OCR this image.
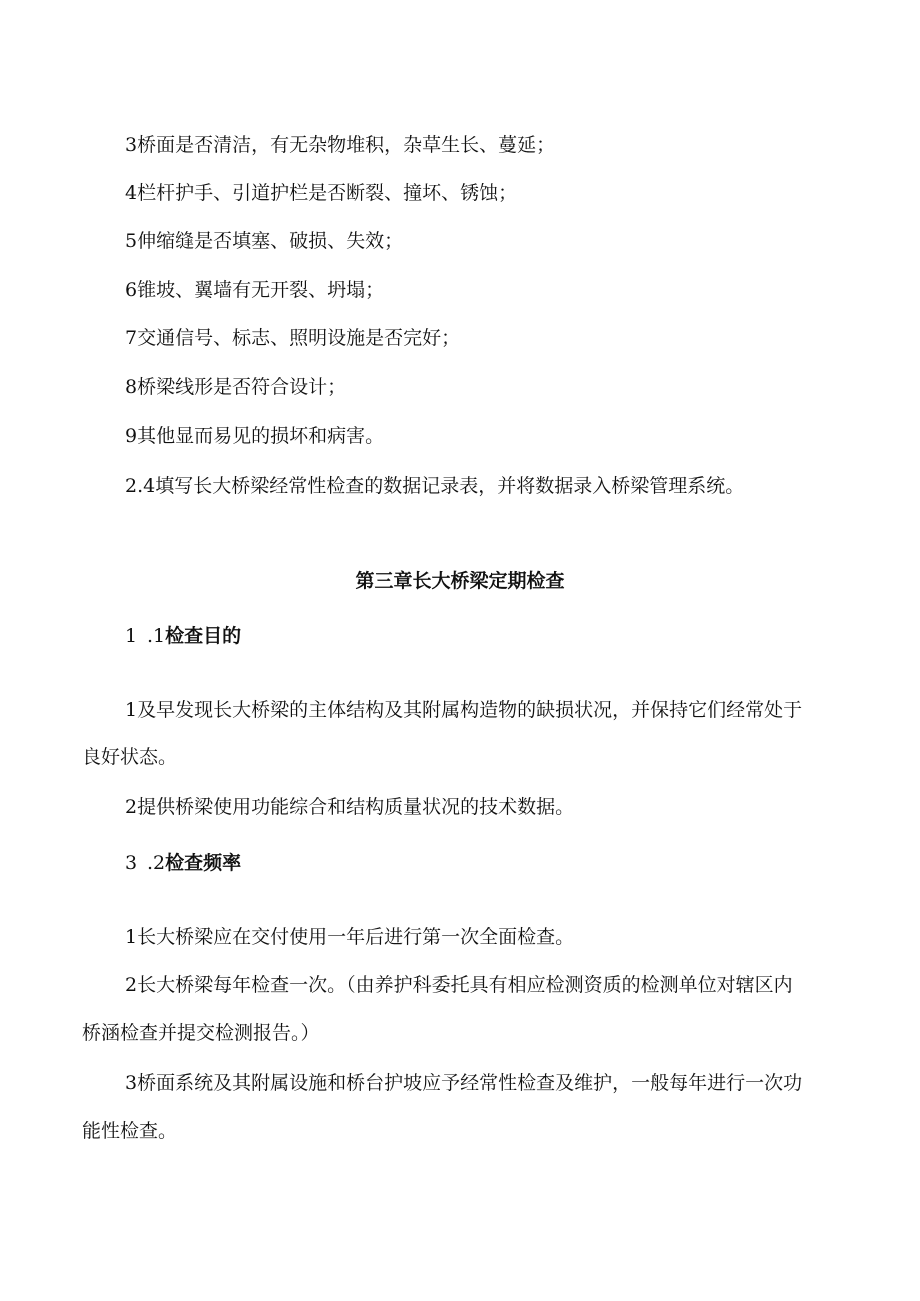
3桥面是否清洁，有无杂物堆积，杂草生长、蔓延；
4栏杆护手、引道护栏是否断裂、撞坏、锈蚀；
5伸缩缝是否填塞、破损、失效；
6锥坡、翼墙有无开裂、坍塌；
7交通信号、标志、照明设施是否完好；
8桥梁线形是否符合设计；
9其他显而易见的损坏和病害。
2.4填写长大桥梁经常性检查的数据记录表，并将数据录入桥梁管理系统。
第三章长大桥梁定期检查
1 .1检查目的
1及早发现长大桥梁的主体结构及其附属构造物的缺损状况，并保持它们经常处于
良好状态。
2提供桥梁使用功能综合和结构质量状况的技术数据。
3 .2检查频率
1长大桥梁应在交付使用一年后进行第一次全面检查。
2长大桥梁每年检查一次。（由养护科委托具有相应检测资质的检测单位对辖区内
桥涵检查并提交检测报告。）
3桥面系统及其附属设施和桥台护坡应予经常性检查及维护，一般每年进行一次功
能性检查。
